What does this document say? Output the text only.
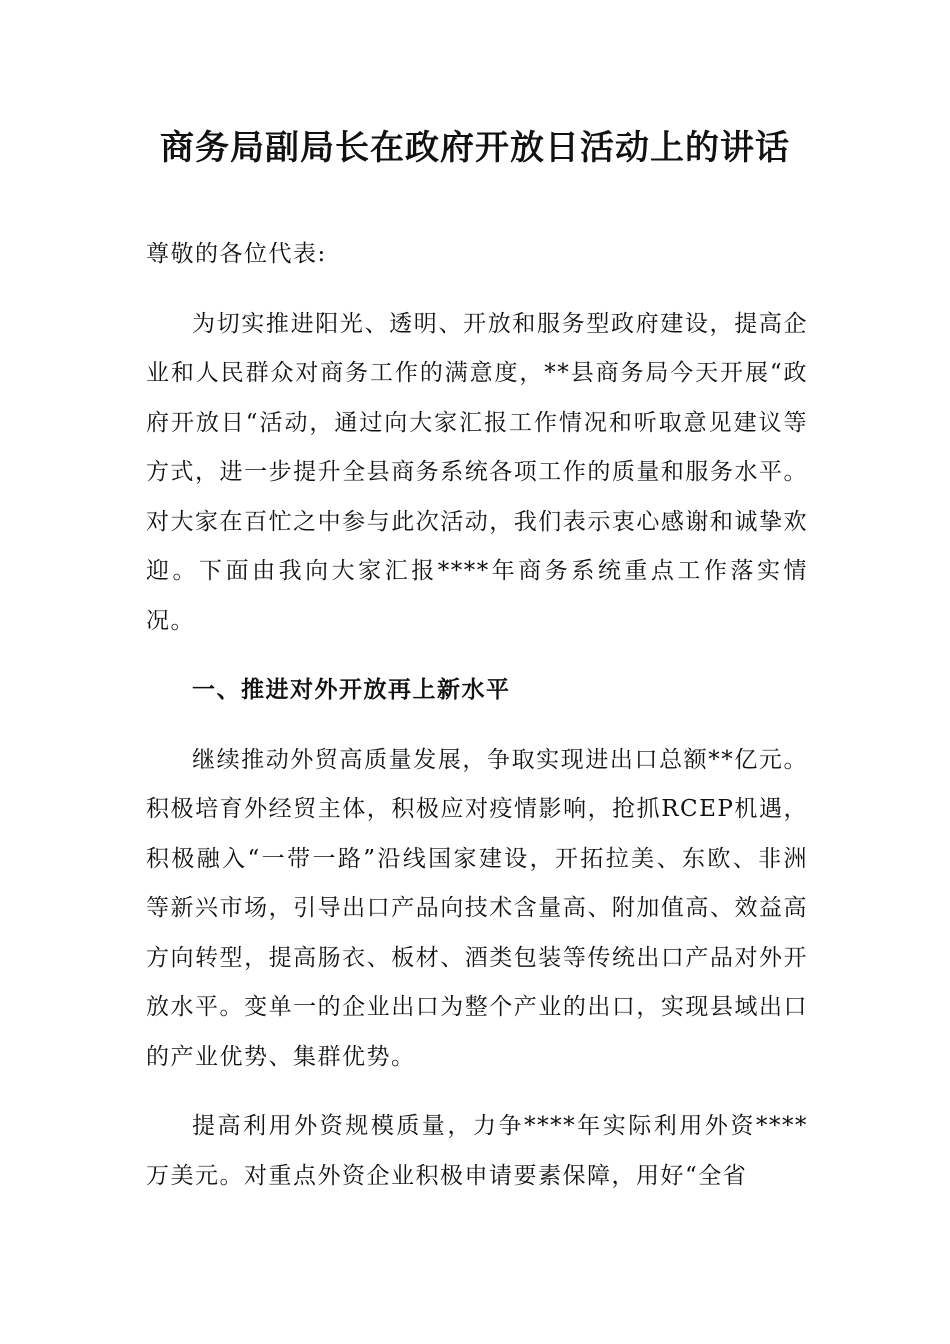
商务局副局长在政府开放日活动上的讲话

尊敬的各位代表:

为切实推进阳光、透明、开放和服务型政府建设，提高企业和人民群众对商务工作的满意度，**县商务局今天开展“政府开放日“活动，通过向大家汇报工作情况和听取意见建议等方式，进一步提升全县商务系统各项工作的质量和服务水平。对大家在百忙之中参与此次活动，我们表示衷心感谢和诚挚欢迎。下面由我向大家汇报****年商务系统重点工作落实情况。

一、推进对外开放再上新水平

继续推动外贸高质量发展，争取实现进出口总额**亿元。积极培育外经贸主体，积极应对疫情影响，抢抓RCEP机遇，积极融入“一带一路”沿线国家建设，开拓拉美、东欧、非洲等新兴市场，引导出口产品向技术含量高、附加值高、效益高方向转型，提高肠衣、板材、酒类包装等传统出口产品对外开放水平。变单一的企业出口为整个产业的出口，实现县域出口的产业优势、集群优势。

提高利用外资规模质量，力争****年实际利用外资****万美元。对重点外资企业积极申请要素保障，用好“全省
